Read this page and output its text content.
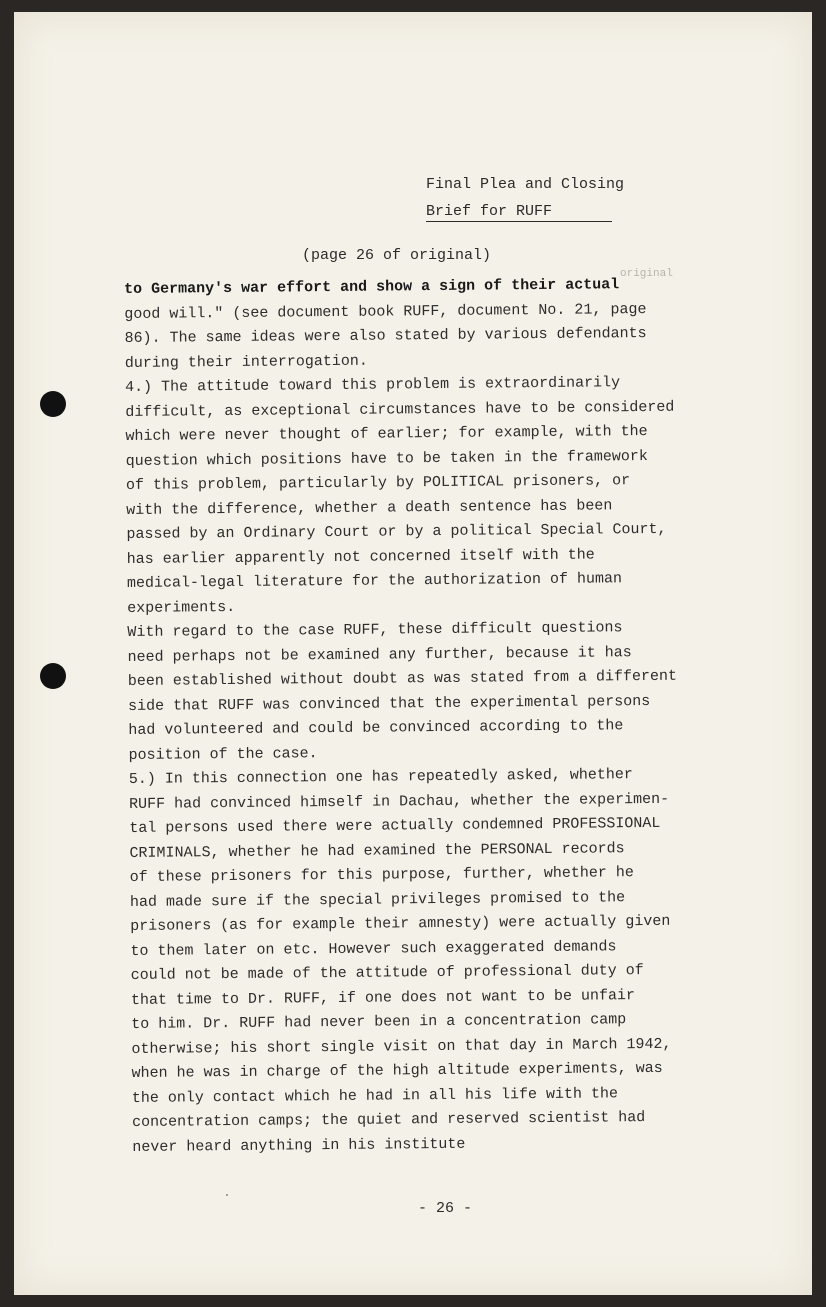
Final Plea and Closing
Brief for RUFF
(page 26 of original)
original
to Germany's war effort and show a sign of their actual
good will." (see document book RUFF, document No. 21, page
86). The same ideas were also stated by various defendants
during their interrogation.
4.) The attitude toward this problem is extraordinarily
difficult, as exceptional circumstances have to be considered
which were never thought of earlier; for example, with the
question which positions have to be taken in the framework
of this problem, particularly by POLITICAL prisoners, or
with the difference, whether a death sentence has been
passed by an Ordinary Court or by a political Special Court,
has earlier apparently not concerned itself with the
medical-legal literature for the authorization of human
experiments.
With regard to the case RUFF, these difficult questions
need perhaps not be examined any further, because it has
been established without doubt as was stated from a different
side that RUFF was convinced that the experimental persons
had volunteered and could be convinced according to the
position of the case.
5.) In this connection one has repeatedly asked, whether
RUFF had convinced himself in Dachau, whether the experimen-
tal persons used there were actually condemned PROFESSIONAL
CRIMINALS, whether he had examined the PERSONAL records
of these prisoners for this purpose, further, whether he
had made sure if the special privileges promised to the
prisoners (as for example their amnesty) were actually given
to them later on etc. However such exaggerated demands
could not be made of the attitude of professional duty of
that time to Dr. RUFF, if one does not want to be unfair
to him. Dr. RUFF had never been in a concentration camp
otherwise; his short single visit on that day in March 1942,
when he was in charge of the high altitude experiments, was
the only contact which he had in all his life with the
concentration camps; the quiet and reserved scientist had
never heard anything in his institute
- 26 -
